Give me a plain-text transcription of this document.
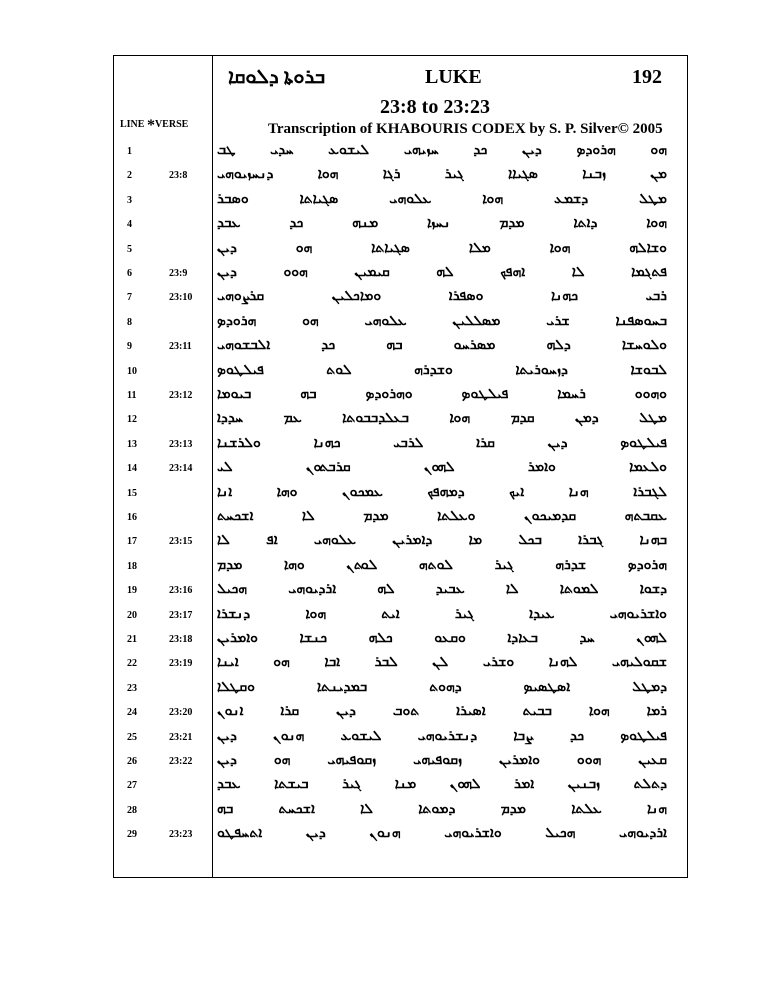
ܒܪܘܬܐ ܕܠܘܩܐ	LUKE	192
23:8 to 23:23
Transcription of KHABOURIS CODEX by S. P. Silver© 2005
LINE *VERSE
1	ܗܘ ܗܪܘܕܤ ܕܝܢ ܟܕ ܚܙܝܗܝ ܠܝܫܘܥ ܚܕܝ ܛܒ
2	23:8	ܡܢ ܙܒܢܐ ܤܓܝܐܐ ܓܝܪ ܪܓܐ ܗܘܐ ܕܢܚܙܝܘܗܝ
3	ܡܛܠ ܕܫܡܥ ܗܘܐ ܥܠܘܗܝ ܤܓܝܐܬܐ ܘܤܒܪ
4	ܗܘܐ ܕܐܬܐ ܡܕܡ ܢܚܙܐ ܡܢܗ ܟܕ ܥܒܕ
5	ܘܫܐܠܗ ܗܘܐ ܡܠܐ ܤܓܝܐܬܐ ܗܘ ܕܝܢ
6	23:9	ܦܬܓܡܐ ܠܐ ܐܗܦܟ ܠܗ ܩܝܡܝܢ ܗܘܘ ܕܝܢ
7	23:10	ܪܒܝ ܟܗܢܐ ܘܤܦܪܐ ܘܡܐܟܠܝܢ ܩܪܨܘܗܝ
8	ܒܚܘܤܦܢܐ ܫܪܝ ܡܤܠܠܝܢ ܥܠܘܗܝ ܗܘ ܗܪܘܕܤ
9	23:11	ܘܠܘܚܫܐ ܕܠܗ ܡܤܪܚܘ ܒܗ ܟܕ ܐܠܒܫܘܗܝ
10	ܠܒܘܫܐ ܕܙܚܘܪܝܬܐ ܘܫܕܪܗ ܠܘܬ ܦܝܠܛܘܤ
11	23:12	ܘܗܘܘ ܪܚܡܐ ܦܝܠܛܘܤ ܘܗܪܘܕܤ ܒܗ ܒܝܘܡܐ
12	ܡܛܠ ܕܡܢ ܩܕܡ ܗܘܐ ܒܥܠܕܒܒܘܬܐ ܥܡ ܚܕܕܐ
13	23:13	ܦܝܠܛܘܤ ܕܝܢ ܩܪܐ ܠܪܒܝ ܟܗܢܐ ܘܠܪܫܢܐ
14	23:14	ܘܠܥܡܐ ܘܐܡܪ ܠܗܘܢ ܩܪܒܬܘܢ ܠܝ
15	ܠܓܒܪܐ ܗܢܐ ܐܝܟ ܕܡܗܦܟ ܥܡܟܘܢ ܘܗܐ ܐܢܐ
16	ܥܩܒܬܗ ܩܕܡܝܟܘܢ ܘܥܠܬܐ ܡܕܡ ܠܐ ܐܫܟܚܬ
17	23:15	ܒܗܢܐ ܓܒܪܐ ܒܟܠ ܡܐ ܕܐܡܪܝܢ ܥܠܘܗܝ ܐܦ ܠܐ
18	ܗܪܘܕܤ ܫܕܪܗ ܓܝܪ ܠܘܬܗ ܠܘܬܢ ܘܗܐ ܡܕܡ
19	23:16	ܕܫܘܐ ܠܡܘܬܐ ܠܐ ܥܒܝܕ ܠܗ ܐܪܕܝܘܗܝ ܗܟܝܠ
20	23:17	ܘܐܫܪܝܘܗܝ ܥܝܕܐ ܓܝܪ ܐܝܬ ܗܘܐ ܕܢܫܪܐ
21	23:18	ܠܗܘܢ ܚܕ ܒܥܐܕܐ ܘܩܥܘ ܟܠܗ ܟܢܫܐ ܘܐܡܪܝܢ
22	23:19	ܫܩܘܠܝܗܝ ܠܗܢܐ ܘܫܪܝ ܠܢ ܠܒܪ ܐܒܐ ܗܘ ܐܝܢܐ
23	ܕܡܛܠ ܐܤܛܤܝܤ ܕܗܘܬ ܒܡܕܝܢܬܐ ܘܩܛܠܐ
24	23:20	ܪܡܐ ܗܘܐ ܒܒܝܬ ܐܤܝܪܐ ܬܘܒ ܕܝܢ ܩܪܐ ܐܢܘܢ
25	23:21	ܦܝܠܛܘܤ ܟܕ ܨܒܐ ܕܢܫܪܝܘܗܝ ܠܝܫܘܥ ܗܢܘܢ ܕܝܢ
26	23:22	ܩܥܝܢ ܗܘܘ ܘܐܡܪܝܢ ܙܩܘܦܝܗܝ ܙܩܘܦܝܗܝ ܗܘ ܕܝܢ
27	ܕܬܠܬ ܙܒܢܝܢ ܐܡܪ ܠܗܘܢ ܡܢܐ ܓܝܪ ܒܝܫܬܐ ܥܒܕ
28	ܗܢܐ ܥܠܬܐ ܡܕܡ ܕܡܘܬܐ ܠܐ ܐܫܟܚܬ ܒܗ
29	23:23	ܐܪܕܝܘܗܝ ܗܟܝܠ ܘܐܫܪܝܘܗܝ ܗܢܘܢ ܕܝܢ ܐܬܚܦܛܘ
